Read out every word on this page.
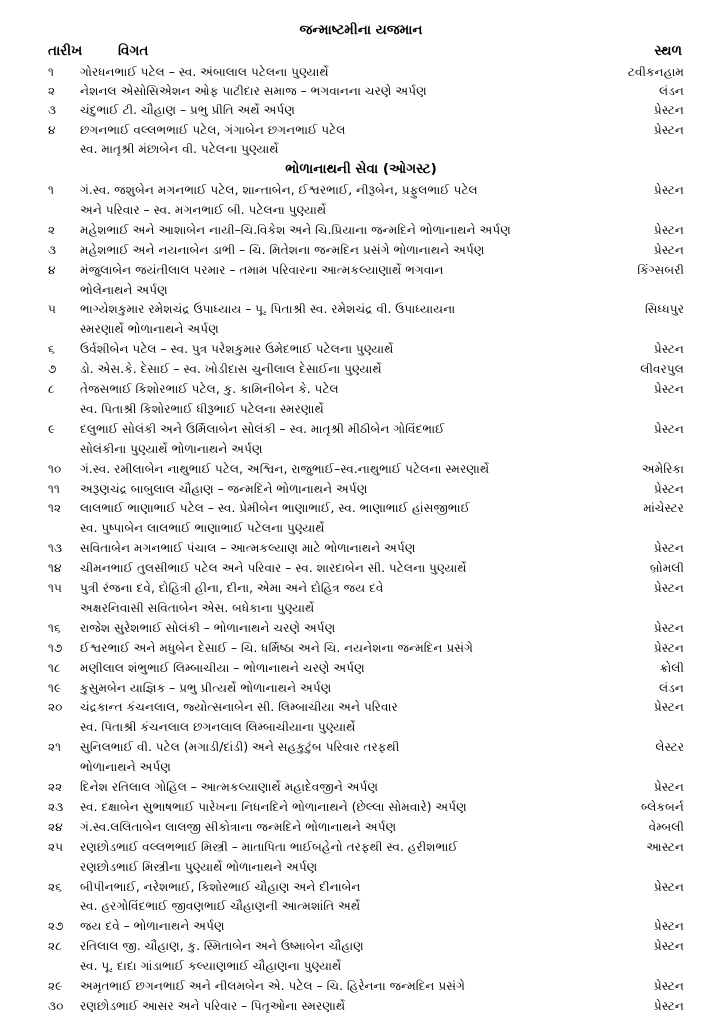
જન્માષ્ટમીના યજમાન
તારીખ	વિગત	સ્થળ
૧ ગોરધનભાઈ પટેલ – સ્વ. અંબાલાલ પટેલના પુણ્યાર્થે	ટવીકનહામ
૨ નેશનલ એસોસિએશન ઓફ પાટીદાર સમાજ – ભગવાનના ચરણે અર્પણ	લંડન
૩ ચંદુભાઈ ટી. ચૌહાણ – પ્રભુ પ્રીતિ અર્થે અર્પણ	પ્રેસ્ટન
૪ છગનભાઈ વલ્લભભાઈ પટેલ, ગંગાબેન છગનભાઈ પટેલ	પ્રેસ્ટન
સ્વ. માતૃશ્રી મંછાબેન વી. પટેલના પુણ્યાર્થે
ભોળાનાથની સેવા (ઓગસ્ટ)
૧ ગં.સ્વ. જશુબેન મગનભાઈ પટેલ, શાન્તાબેન, ઈશ્વરભાઈ, નીરૂબેન, પ્રફુલભાઈ પટેલ	પ્રેસ્ટન
અને પરિવાર – સ્વ. મગનભાઈ બી. પટેલના પુણ્યાર્થે
૨ મહેશભાઈ અને આશાબેન નાયી–ચિ.વિકેશ અને ચિ.પ્રિયાના જન્મદિને ભોળાનાથને અર્પણ	પ્રેસ્ટન
૩ મહેશભાઈ અને નયનાબેન ડાભી – ચિ. મિતેશના જન્મદિન પ્રસંગે ભોળાનાથને અર્પણ	પ્રેસ્ટન
૪ મંજુલાબેન જયંતીલાલ પરમાર – તમામ પરિવારના આત્મકલ્યાણાર્થે ભગવાન	કિંગ્સબરી
ભોલેનાથને અર્પણ
૫ ભાગ્યેશકુમાર રમેશચંદ્ર ઉપાધ્યાય – પૂ. પિતાશ્રી સ્વ. રમેશચંદ્ર વી. ઉપાધ્યાયના	સિધ્ધપુર
સ્મરણાર્થે ભોળાનાથને અર્પણ
૬ ઉર્વશીબેન પટેલ – સ્વ. પુત્ર પરેશકુમાર ઉમેદભાઈ પટેલના પુણ્યાર્થે	પ્રેસ્ટન
૭ ડો. એસ.કે. દેસાઈ – સ્વ. ખોડીદાસ ચુનીલાલ દેસાઈના પુણ્યાર્થે	લીવરપુલ
૮ તેજસભાઈ કિશોરભાઈ પટેલ, કુ. કામિનીબેન કે. પટેલ	પ્રેસ્ટન
સ્વ. પિતાશ્રી કિશોરભાઈ ધીરૂભાઈ પટેલના સ્મરણાર્થે
૯ દલુભાઈ સોલંકી અને ઉર્મિલાબેન સોલંકી – સ્વ. માતૃશ્રી મીઠીબેન ગોવિંદભાઈ	પ્રેસ્ટન
સોલંકીના પુણ્યાર્થે ભોળાનાથને અર્પણ
૧૦ ગં.સ્વ. રમીલાબેન નાથુભાઈ પટેલ, અશ્વિન, રાજુભાઈ–સ્વ.નાથુભાઈ પટેલના સ્મરણાર્થે	અમેરિકા
૧૧ અરૂણચંદ્ર બાબુલાલ ચૌહાણ – જન્મદિને ભોળાનાથને અર્પણ	પ્રેસ્ટન
૧૨ લાલભાઈ ભાણાભાઈ પટેલ – સ્વ. પ્રેમીબેન ભાણાભાઈ, સ્વ. ભાણાભાઈ હાંસજીભાઈ	માંચેસ્ટર
સ્વ. પુષ્પાબેન લાલભાઈ ભાણાભાઈ પટેલના પુણ્યાર્થે
૧૩ સવિતાબેન મગનભાઈ પંચાલ – આત્મકલ્યાણ માટે ભોળાનાથને અર્પણ	પ્રેસ્ટન
૧૪ ચીમનભાઈ તુલસીભાઈ પટેલ અને પરિવાર – સ્વ. શારદાબેન સી. પટેલના પુણ્યાર્થે	બ્રોમલી
૧૫ પુત્રી રંજના દવે, દોહિત્રી હીના, દીના, એમા અને દોહિત્ર જય દવે	પ્રેસ્ટન
અક્ષરનિવાસી સવિતાબેન એસ. બધેકાના પુણ્યાર્થે
૧૬ રાજેશ સુરેશભાઈ સોલંકી – ભોળાનાથને ચરણે અર્પણ	પ્રેસ્ટન
૧૭ ઈશ્વરભાઈ અને મધુબેન દેસાઈ – ચિ. ધર્મિષ્ઠા અને ચિ. નયનેશના જન્મદિન પ્રસંગે	પ્રેસ્ટન
૧૮ મણીલાલ શંભુભાઈ લિમ્બાચીયા – ભોળાનાથને ચરણે અર્પણ	ક્રોલી
૧૯ કુસુમબેન યાજ્ઞિક – પ્રભુ પ્રીત્યર્થે ભોળાનાથને અર્પણ	લંડન
૨૦ ચંદ્રકાન્ત કંચનલાલ, જ્યોત્સનાબેન સી. લિમ્બાચીયા અને પરિવાર	પ્રેસ્ટન
સ્વ. પિતાશ્રી કંચનલાલ છગનલાલ લિમ્બાચીયાના પુણ્યાર્થે
૨૧ સુનિલભાઈ વી. પટેલ (મગાડી/દાંડી) અને સહકુટુંબ પરિવાર તરફથી	લેસ્ટર
ભોળાનાથને અર્પણ
૨૨ દિનેશ રતિલાલ ગોહિલ – આત્મકલ્યાણાર્થે મહાદેવજીને અર્પણ	પ્રેસ્ટન
૨૩ સ્વ. દક્ષાબેન સુભાષભાઈ પારેખના નિધનદિને ભોળાનાથને (છેલ્લા સોમવારે) અર્પણ	બ્લેકબર્ન
૨૪ ગં.સ્વ.લલિતાબેન લાલજી સીકોત્રાના જન્મદિને ભોળાનાથને અર્પણ	વેમ્બલી
૨૫ રણછોડભાઈ વલ્લભભાઈ મિસ્ત્રી – માતાપિતા ભાઈબહેનો તરફથી સ્વ. હરીશભાઈ	આસ્ટન
રણછોડભાઈ મિસ્ત્રીના પુણ્યાર્થે ભોળાનાથને અર્પણ
૨૬ બીપીનભાઈ, નરેશભાઈ, કિશોરભાઈ ચૌહાણ અને દીનાબેન	પ્રેસ્ટન
સ્વ. હરગોવિંદભાઈ જીવણભાઈ ચૌહાણની આત્મશાંતિ અર્થે
૨૭ જય દવે – ભોળાનાથને અર્પણ	પ્રેસ્ટન
૨૮ રતિલાલ જી. ચૌહાણ, કુ. સ્મિતાબેન અને ઉષ્માબેન ચૌહાણ	પ્રેસ્ટન
સ્વ. પૂ. દાદા ગાંડાભાઈ કલ્યાણભાઈ ચૌહાણના પુણ્યાર્થે
૨૯ અમૃતભાઈ છગનભાઈ અને નીલમબેન એ. પટેલ – ચિ. હિરેનના જન્મદિન પ્રસંગે	પ્રેસ્ટન
૩૦ રણછોડભાઈ આસર અને પરિવાર – પિતૃઓના સ્મરણાર્થે	પ્રેસ્ટન
